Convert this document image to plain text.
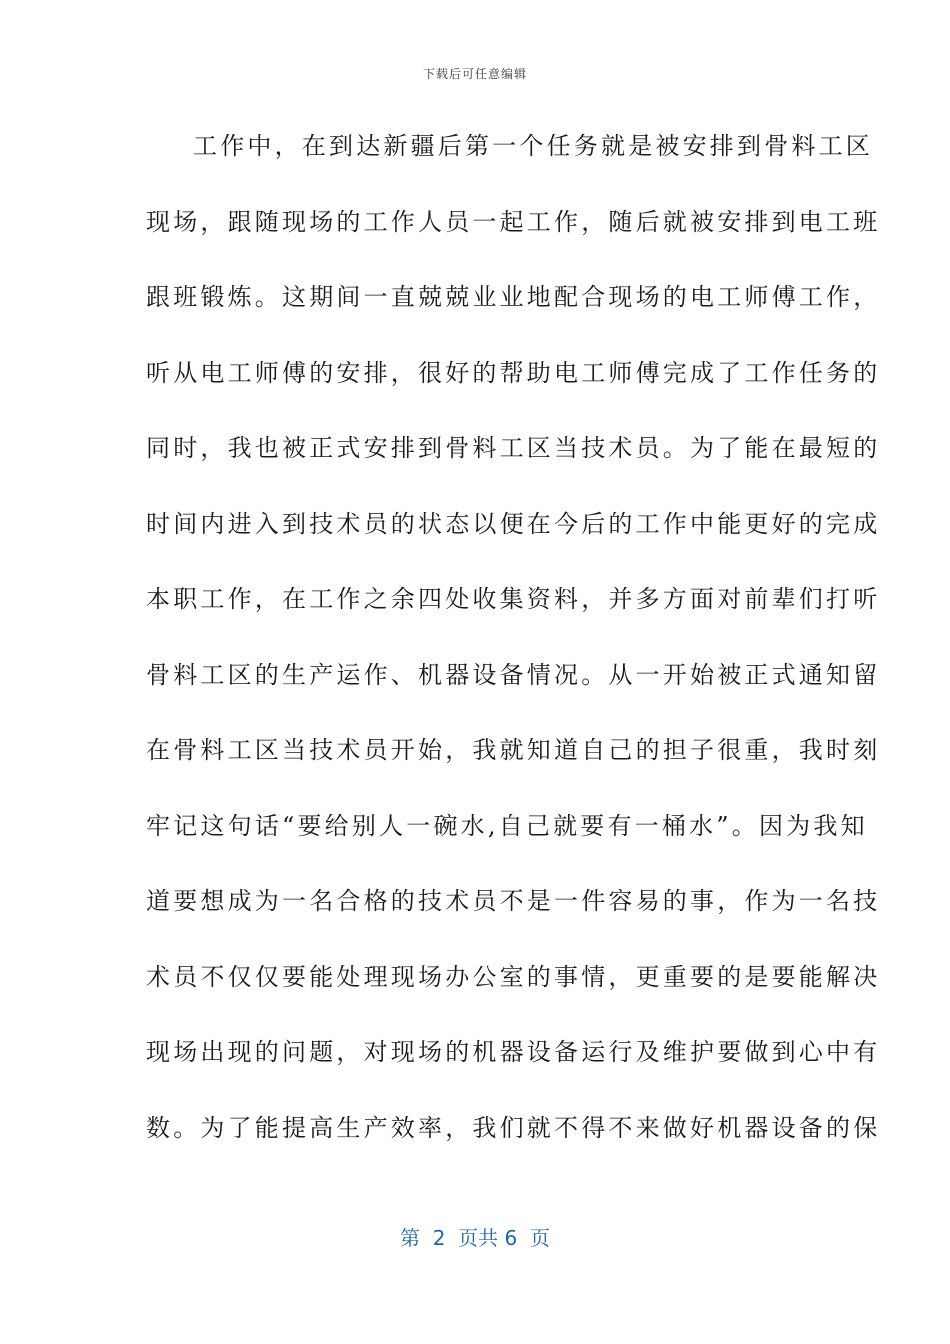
下载后可任意编辑
工作中，在到达新疆后第一个任务就是被安排到骨料工区
现场，跟随现场的工作人员一起工作，随后就被安排到电工班
跟班锻炼。这期间一直兢兢业业地配合现场的电工师傅工作，
听从电工师傅的安排，很好的帮助电工师傅完成了工作任务的
同时，我也被正式安排到骨料工区当技术员。为了能在最短的
时间内进入到技术员的状态以便在今后的工作中能更好的完成
本职工作，在工作之余四处收集资料，并多方面对前辈们打听
骨料工区的生产运作、机器设备情况。从一开始被正式通知留
在骨料工区当技术员开始，我就知道自己的担子很重，我时刻
牢记这句话“要给别人一碗水,自己就要有一桶水”。因为我知
道要想成为一名合格的技术员不是一件容易的事，作为一名技
术员不仅仅要能处理现场办公室的事情，更重要的是要能解决
现场出现的问题，对现场的机器设备运行及维护要做到心中有
数。为了能提高生产效率，我们就不得不来做好机器设备的保
第  2  页共 6  页
